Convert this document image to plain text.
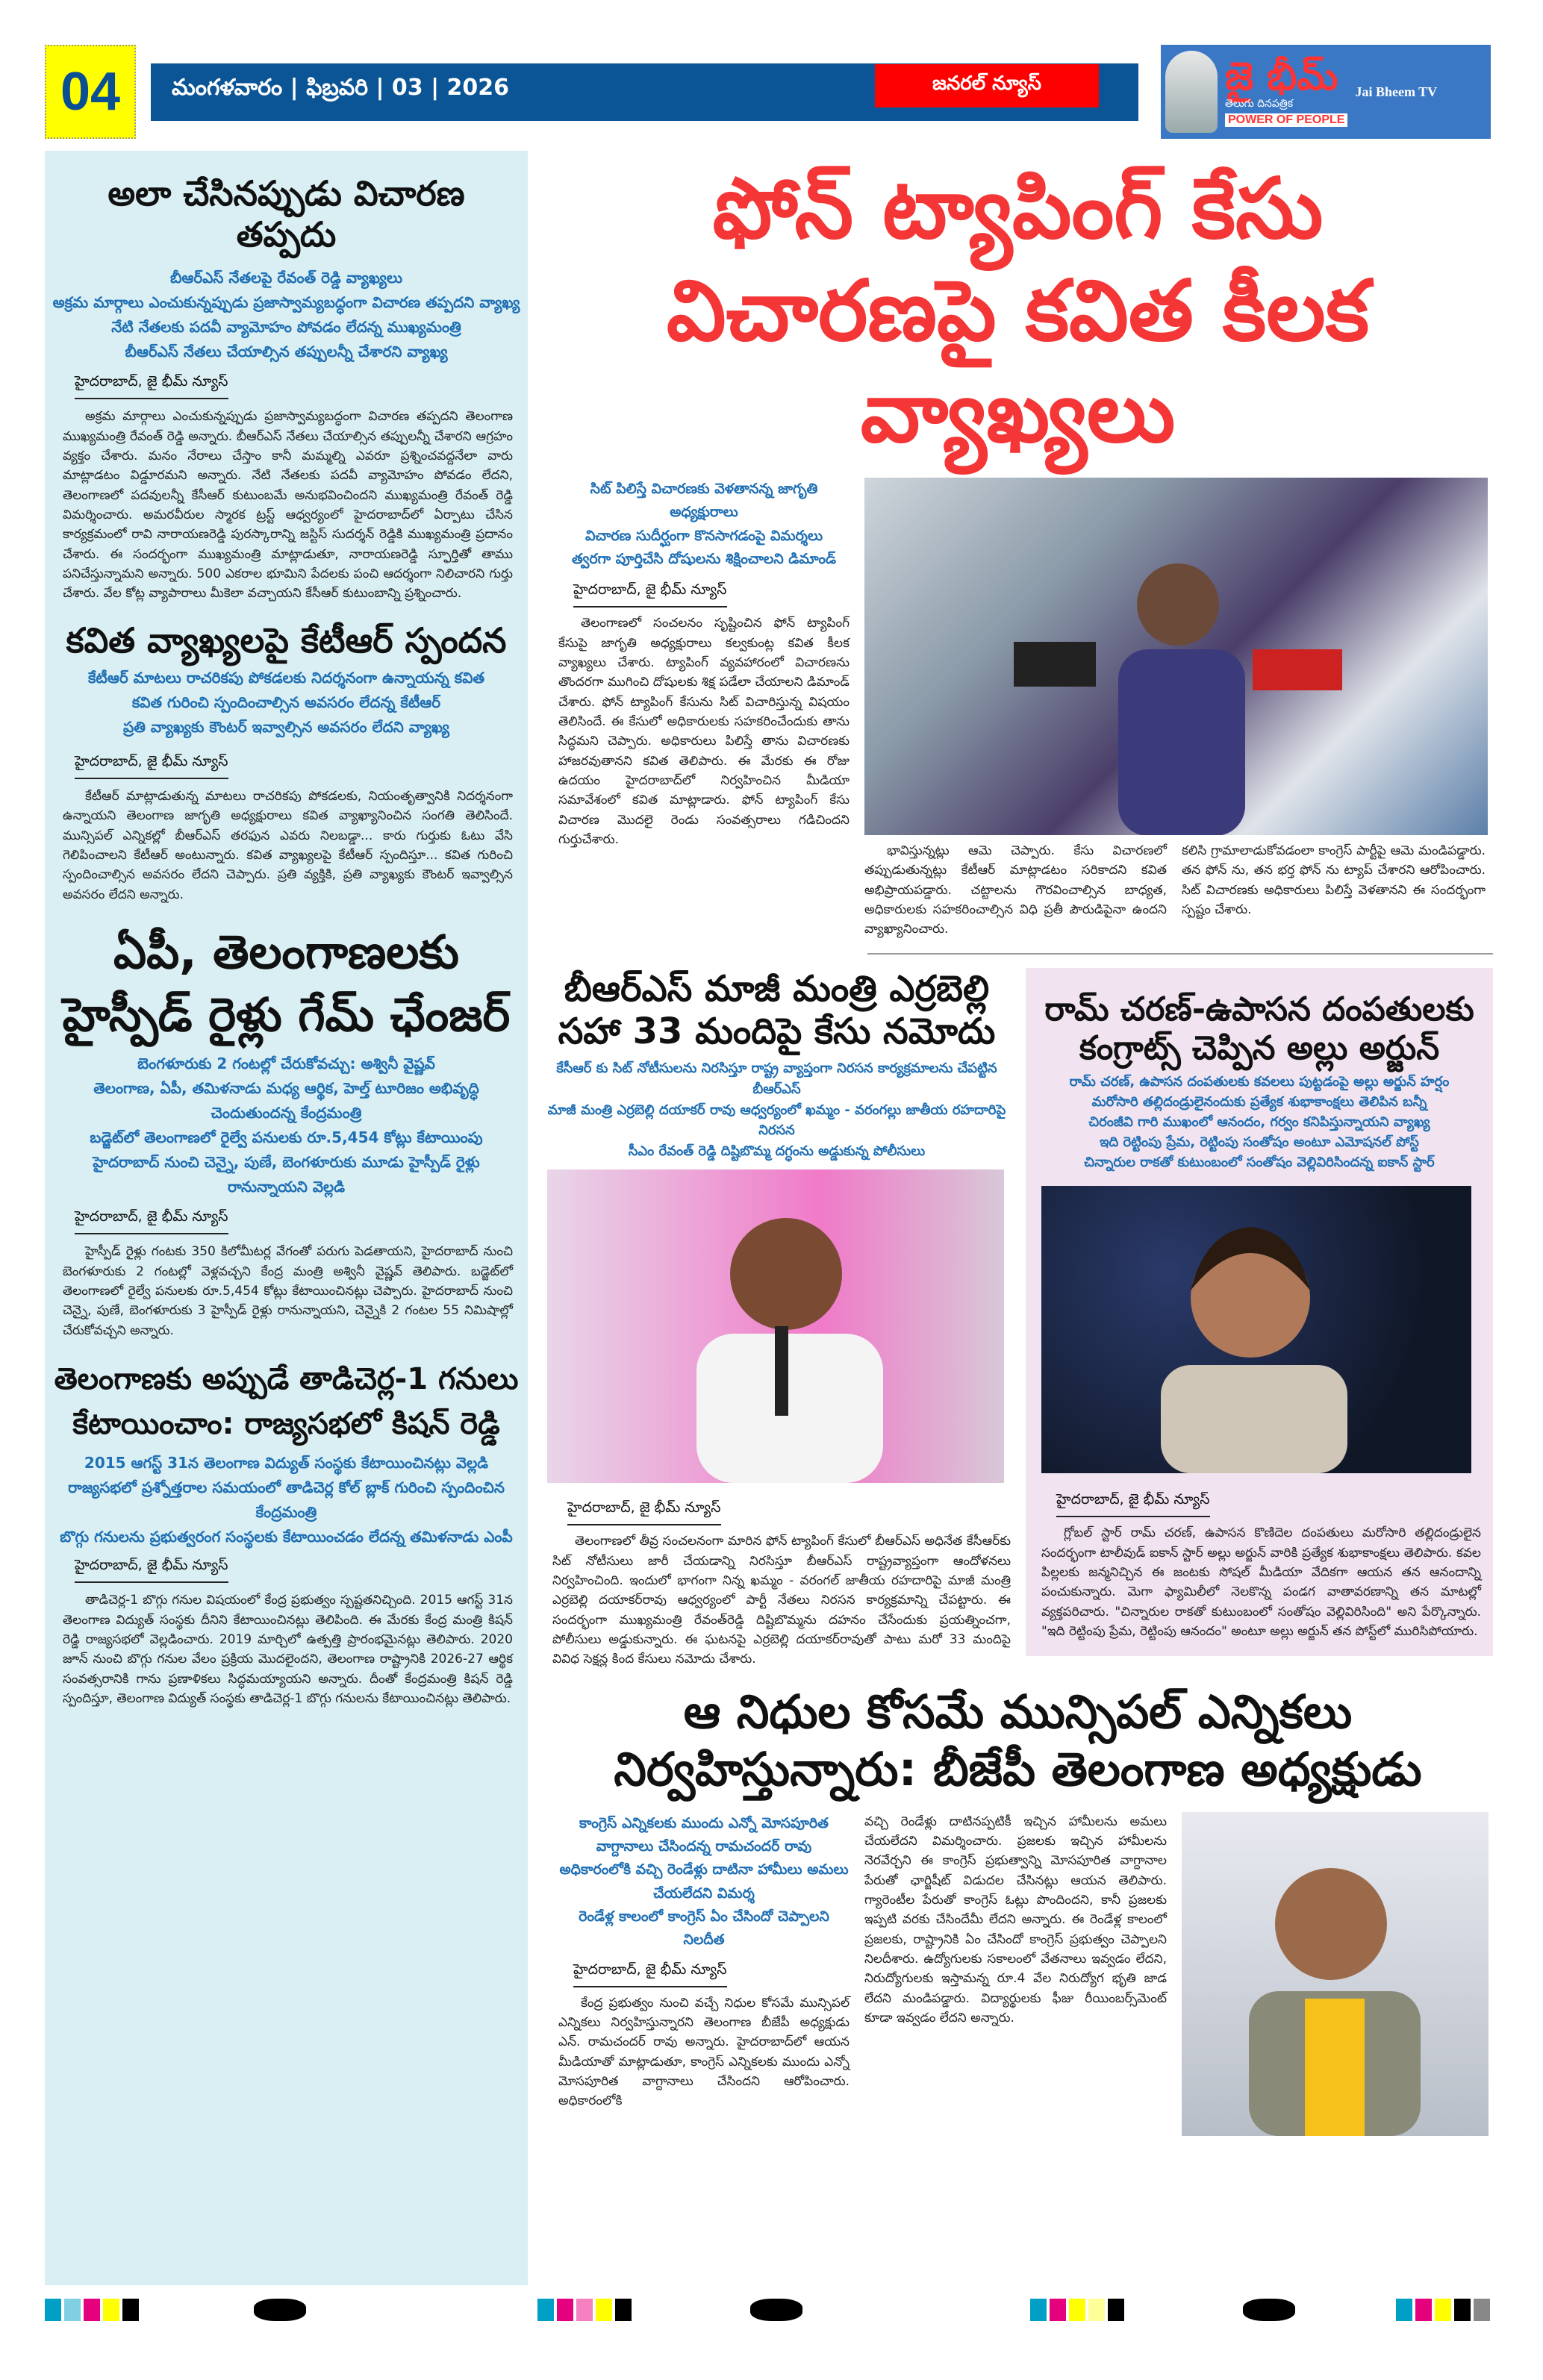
04	మంగళవారం | ఫిబ్రవరి | 03 | 2026	జనరల్ న్యూస్	జై భీమ్
తెలుగు దినపత్రిక
POWER OF PEOPLE
Jai Bheem TV
అలా చేసినప్పుడు విచారణ తప్పదు
బీఆర్ఎస్ నేతలపై రేవంత్ రెడ్డి వ్యాఖ్యలు
అక్రమ మార్గాలు ఎంచుకున్నప్పుడు ప్రజాస్వామ్యబద్ధంగా విచారణ తప్పదని వ్యాఖ్య
నేటి నేతలకు పదవీ వ్యామోహం పోవడం లేదన్న ముఖ్యమంత్రి
బీఆర్ఎస్ నేతలు చేయాల్సిన తప్పులన్నీ చేశారని వ్యాఖ్య
హైదరాబాద్, జై భీమ్ న్యూస్

అక్రమ మార్గాలు ఎంచుకున్నప్పుడు ప్రజాస్వామ్యబద్ధంగా విచారణ తప్పదని తెలంగాణ ముఖ్యమంత్రి రేవంత్ రెడ్డి అన్నారు. బీఆర్ఎస్ నేతలు చేయాల్సిన తప్పులన్నీ చేశారని ఆగ్రహం వ్యక్తం చేశారు. మనం నేరాలు చేస్తాం కానీ మమ్మల్ని ఎవరూ ప్రశ్నించవద్దనేలా వారు మాట్లాడటం విడ్డూరమని అన్నారు. నేటి నేతలకు పదవీ వ్యామోహం పోవడం లేదని, తెలంగాణలో పదవులన్నీ కేసీఆర్ కుటుంబమే అనుభవించిందని ముఖ్యమంత్రి రేవంత్ రెడ్డి విమర్శించారు. అమరవీరుల స్మారక ట్రస్ట్ ఆధ్వర్యంలో హైదరాబాద్‌లో ఏర్పాటు చేసిన కార్యక్రమంలో రావి నారాయణరెడ్డి పురస్కారాన్ని జస్టిస్ సుదర్శన్ రెడ్డికి ముఖ్యమంత్రి ప్రదానం చేశారు. ఈ సందర్భంగా ముఖ్యమంత్రి మాట్లాడుతూ, నారాయణరెడ్డి స్ఫూర్తితో తాము పనిచేస్తున్నామని అన్నారు. 500 ఎకరాల భూమిని పేదలకు పంచి ఆదర్శంగా నిలిచారని గుర్తు చేశారు. వేల కోట్ల వ్యాపారాలు మీకెలా వచ్చాయని కేసీఆర్ కుటుంబాన్ని ప్రశ్నించారు.

కవిత వ్యాఖ్యలపై కేటీఆర్ స్పందన
కేటీఆర్ మాటలు రాచరికపు పోకడలకు నిదర్శనంగా ఉన్నాయన్న కవిత
కవిత గురించి స్పందించాల్సిన అవసరం లేదన్న కేటీఆర్
ప్రతి వ్యాఖ్యకు కౌంటర్ ఇవ్వాల్సిన అవసరం లేదని వ్యాఖ్య
హైదరాబాద్, జై భీమ్ న్యూస్

కేటీఆర్ మాట్లాడుతున్న మాటలు రాచరికపు పోకడలకు, నియంతృత్వానికి నిదర్శనంగా ఉన్నాయని తెలంగాణ జాగృతి అధ్యక్షురాలు కవిత వ్యాఖ్యానించిన సంగతి తెలిసిందే. మున్సిపల్ ఎన్నికల్లో బీఆర్ఎస్ తరఫున ఎవరు నిలబడ్డా... కారు గుర్తుకు ఓటు వేసి గెలిపించాలని కేటీఆర్ అంటున్నారు. కవిత వ్యాఖ్యలపై కేటీఆర్ స్పందిస్తూ... కవిత గురించి స్పందించాల్సిన అవసరం లేదని చెప్పారు. ప్రతి వ్యక్తికి, ప్రతి వ్యాఖ్యకు కౌంటర్ ఇవ్వాల్సిన అవసరం లేదని అన్నారు.

ఏపీ, తెలంగాణలకు హైస్పీడ్ రైళ్లు గేమ్ ఛేంజర్
బెంగళూరుకు 2 గంటల్లో చేరుకోవచ్చు: అశ్వినీ వైష్ణవ్
తెలంగాణ, ఏపీ, తమిళనాడు మధ్య ఆర్థిక, హెల్త్ టూరిజం అభివృద్ధి చెందుతుందన్న కేంద్రమంత్రి
బడ్జెట్‌లో తెలంగాణలో రైల్వే పనులకు రూ.5,454 కోట్లు కేటాయింపు
హైదరాబాద్ నుంచి చెన్నై, పుణే, బెంగళూరుకు మూడు హైస్పీడ్ రైళ్లు రానున్నాయని వెల్లడి
హైదరాబాద్, జై భీమ్ న్యూస్

హైస్పీడ్ రైళ్లు గంటకు 350 కిలోమీటర్ల వేగంతో పరుగు పెడతాయని, హైదరాబాద్ నుంచి బెంగళూరుకు 2 గంటల్లో వెళ్లవచ్చని కేంద్ర మంత్రి అశ్వినీ వైష్ణవ్ తెలిపారు. బడ్జెట్‌లో తెలంగాణలో రైల్వే పనులకు రూ.5,454 కోట్లు కేటాయించినట్లు చెప్పారు. హైదరాబాద్ నుంచి చెన్నై, పుణే, బెంగళూరుకు 3 హైస్పీడ్ రైళ్లు రానున్నాయని, చెన్నైకి 2 గంటల 55 నిమిషాల్లో చేరుకోవచ్చని అన్నారు.

తెలంగాణకు అప్పుడే తాడిచెర్ల-1 గనులు కేటాయించాం: రాజ్యసభలో కిషన్ రెడ్డి
2015 ఆగస్ట్ 31న తెలంగాణ విద్యుత్ సంస్థకు కేటాయించినట్లు వెల్లడి
రాజ్యసభలో ప్రశ్నోత్తరాల సమయంలో తాడిచెర్ల కోల్ బ్లాక్ గురించి స్పందించిన కేంద్రమంత్రి
బొగ్గు గనులను ప్రభుత్వరంగ సంస్థలకు కేటాయించడం లేదన్న తమిళనాడు ఎంపీ
హైదరాబాద్, జై భీమ్ న్యూస్

తాడిచెర్ల-1 బొగ్గు గనుల విషయంలో కేంద్ర ప్రభుత్వం స్పష్టతనిచ్చింది. 2015 ఆగస్ట్ 31న తెలంగాణ విద్యుత్ సంస్థకు దీనిని కేటాయించినట్లు తెలిపింది. ఈ మేరకు కేంద్ర మంత్రి కిషన్ రెడ్డి రాజ్యసభలో వెల్లడించారు. 2019 మార్చిలో ఉత్పత్తి ప్రారంభమైనట్లు తెలిపారు. 2020 జూన్ నుంచి బొగ్గు గనుల వేలం ప్రక్రియ మొదలైందని, తెలంగాణ రాష్ట్రానికి 2026-27 ఆర్థిక సంవత్సరానికి గాను ప్రణాళికలు సిద్ధమయ్యాయని అన్నారు. దీంతో కేంద్రమంత్రి కిషన్ రెడ్డి స్పందిస్తూ, తెలంగాణ విద్యుత్ సంస్థకు తాడిచెర్ల-1 బొగ్గు గనులను కేటాయించినట్లు తెలిపారు.

ఫోన్ ట్యాపింగ్ కేసు విచారణపై కవిత కీలక వ్యాఖ్యలు
సిట్ పిలిస్తే విచారణకు వెళతానన్న జాగృతి అధ్యక్షురాలు
విచారణ సుదీర్ఘంగా కొనసాగడంపై విమర్శలు
త్వరగా పూర్తిచేసి దోషులను శిక్షించాలని డిమాండ్
హైదరాబాద్, జై భీమ్ న్యూస్

తెలంగాణలో సంచలనం సృష్టించిన ఫోన్ ట్యాపింగ్ కేసుపై జాగృతి అధ్యక్షురాలు కల్వకుంట్ల కవిత కీలక వ్యాఖ్యలు చేశారు. ట్యాపింగ్ వ్యవహారంలో విచారణను తొందరగా ముగించి దోషులకు శిక్ష పడేలా చేయాలని డిమాండ్ చేశారు. ఫోన్ ట్యాపింగ్ కేసును సిట్ విచారిస్తున్న విషయం తెలిసిందే. ఈ కేసులో అధికారులకు సహకరించేందుకు తాను సిద్ధమని చెప్పారు. అధికారులు పిలిస్తే తాను విచారణకు హాజరవుతానని కవిత తెలిపారు. ఈ మేరకు ఈ రోజు ఉదయం హైదరాబాద్‌లో నిర్వహించిన మీడియా సమావేశంలో కవిత మాట్లాడారు. ఫోన్ ట్యాపింగ్ కేసు విచారణ మొదలై రెండు సంవత్సరాలు గడిచిందని గుర్తుచేశారు.

భావిస్తున్నట్లు ఆమె చెప్పారు. కేసు విచారణలో తప్పుడుతున్నట్లు కేటీఆర్ మాట్లాడటం సరికాదని కవిత అభిప్రాయపడ్డారు. చట్టాలను గౌరవించాల్సిన బాధ్యత, అధికారులకు సహకరించాల్సిన విధి ప్రతీ పౌరుడిపైనా ఉందని వ్యాఖ్యానించారు.

కలిసి గ్రామాలాడుకోవడంలా కాంగ్రెస్ పార్టీపై ఆమె మండిపడ్డారు. తన ఫోన్ ను, తన భర్త ఫోన్ ను ట్యాప్ చేశారని ఆరోపించారు. సిట్ విచారణకు అధికారులు పిలిస్తే వెళతానని ఈ సందర్భంగా స్పష్టం చేశారు.

బీఆర్ఎస్ మాజీ మంత్రి ఎర్రబెల్లి సహా 33 మందిపై కేసు నమోదు
కేసీఆర్ కు సిట్ నోటీసులను నిరసిస్తూ రాష్ట్ర వ్యాప్తంగా నిరసన కార్యక్రమాలను చేపట్టిన బీఆర్ఎస్
మాజీ మంత్రి ఎర్రబెల్లి దయాకర్ రావు ఆధ్వర్యంలో ఖమ్మం - వరంగల్లు జాతీయ రహదారిపై నిరసన
సీఎం రేవంత్ రెడ్డి దిష్టిబొమ్మ దగ్ధంను అడ్డుకున్న పోలీసులు
హైదరాబాద్, జై భీమ్ న్యూస్

తెలంగాణలో తీవ్ర సంచలనంగా మారిన ఫోన్ ట్యాపింగ్ కేసులో బీఆర్ఎస్ అధినేత కేసీఆర్‌కు సిట్ నోటీసులు జారీ చేయడాన్ని నిరసిస్తూ బీఆర్ఎస్ రాష్ట్రవ్యాప్తంగా ఆందోళనలు నిర్వహించింది. ఇందులో భాగంగా నిన్న ఖమ్మం - వరంగల్ జాతీయ రహదారిపై మాజీ మంత్రి ఎర్రబెల్లి దయాకర్‌రావు ఆధ్వర్యంలో పార్టీ నేతలు నిరసన కార్యక్రమాన్ని చేపట్టారు. ఈ సందర్భంగా ముఖ్యమంత్రి రేవంత్‌రెడ్డి దిష్టిబొమ్మను దహనం చేసేందుకు ప్రయత్నించగా, పోలీసులు అడ్డుకున్నారు. ఈ ఘటనపై ఎర్రబెల్లి దయాకర్‌రావుతో పాటు మరో 33 మందిపై వివిధ సెక్షన్ల కింద కేసులు నమోదు చేశారు.

రామ్ చరణ్-ఉపాసన దంపతులకు కంగ్రాట్స్ చెప్పిన అల్లు అర్జున్
రామ్ చరణ్, ఉపాసన దంపతులకు కవలలు పుట్టడంపై అల్లు అర్జున్ హర్షం
మరోసారి తల్లిదండ్రులైనందుకు ప్రత్యేక శుభాకాంక్షలు తెలిపిన బన్నీ
చిరంజీవి గారి ముఖంలో ఆనందం, గర్వం కనిపిస్తున్నాయని వ్యాఖ్య
ఇది రెట్టింపు ప్రేమ, రెట్టింపు సంతోషం అంటూ ఎమోషనల్ పోస్ట్
చిన్నారుల రాకతో కుటుంబంలో సంతోషం వెల్లివిరిసిందన్న ఐకాన్ స్టార్
హైదరాబాద్, జై భీమ్ న్యూస్

గ్లోబల్ స్టార్ రామ్ చరణ్, ఉపాసన కొణిదెల దంపతులు మరోసారి తల్లిదండ్రులైన సందర్భంగా టాలీవుడ్ ఐకాన్ స్టార్ అల్లు అర్జున్ వారికి ప్రత్యేక శుభాకాంక్షలు తెలిపారు. కవల పిల్లలకు జన్మనిచ్చిన ఈ జంటకు సోషల్ మీడియా వేదికగా ఆయన తన ఆనందాన్ని పంచుకున్నారు. మెగా ఫ్యామిలీలో నెలకొన్న పండగ వాతావరణాన్ని తన మాటల్లో వ్యక్తపరిచారు. "చిన్నారుల రాకతో కుటుంబంలో సంతోషం వెల్లివిరిసింది" అని పేర్కొన్నారు. "ఇది రెట్టింపు ప్రేమ, రెట్టింపు ఆనందం" అంటూ అల్లు అర్జున్ తన పోస్ట్‌లో మురిసిపోయారు.

ఆ నిధుల కోసమే మున్సిపల్ ఎన్నికలు నిర్వహిస్తున్నారు: బీజేపీ తెలంగాణ అధ్యక్షుడు
కాంగ్రెస్ ఎన్నికలకు ముందు ఎన్నో మోసపూరిత వాగ్దానాలు చేసిందన్న రామచందర్ రావు
అధికారంలోకి వచ్చి రెండేళ్లు దాటినా హామీలు అమలు చేయలేదని విమర్శ
రెండేళ్ల కాలంలో కాంగ్రెస్ ఏం చేసిందో చెప్పాలని నిలదీత
హైదరాబాద్, జై భీమ్ న్యూస్

కేంద్ర ప్రభుత్వం నుంచి వచ్చే నిధుల కోసమే మున్సిపల్ ఎన్నికలు నిర్వహిస్తున్నారని తెలంగాణ బీజేపీ అధ్యక్షుడు ఎన్. రామచందర్ రావు అన్నారు. హైదరాబాద్‌లో ఆయన మీడియాతో మాట్లాడుతూ, కాంగ్రెస్ ఎన్నికలకు ముందు ఎన్నో మోసపూరిత వాగ్దానాలు చేసిందని ఆరోపించారు. అధికారంలోకి

వచ్చి రెండేళ్లు దాటినప్పటికీ ఇచ్చిన హామీలను అమలు చేయలేదని విమర్శించారు. ప్రజలకు ఇచ్చిన హామీలను నెరవేర్చని ఈ కాంగ్రెస్ ప్రభుత్వాన్ని మోసపూరిత వాగ్దానాల పేరుతో ఛార్జిషీట్ విడుదల చేసినట్లు ఆయన తెలిపారు. గ్యారెంటీల పేరుతో కాంగ్రెస్ ఓట్లు పొందిందని, కానీ ప్రజలకు ఇప్పటి వరకు చేసిందేమీ లేదని అన్నారు. ఈ రెండేళ్ల కాలంలో ప్రజలకు, రాష్ట్రానికి ఏం చేసిందో కాంగ్రెస్ ప్రభుత్వం చెప్పాలని నిలదీశారు. ఉద్యోగులకు సకాలంలో వేతనాలు ఇవ్వడం లేదని, నిరుద్యోగులకు ఇస్తామన్న రూ.4 వేల నిరుద్యోగ భృతి జాడ లేదని మండిపడ్డారు. విద్యార్థులకు ఫీజు రీయింబర్స్‌మెంట్ కూడా ఇవ్వడం లేదని అన్నారు.
